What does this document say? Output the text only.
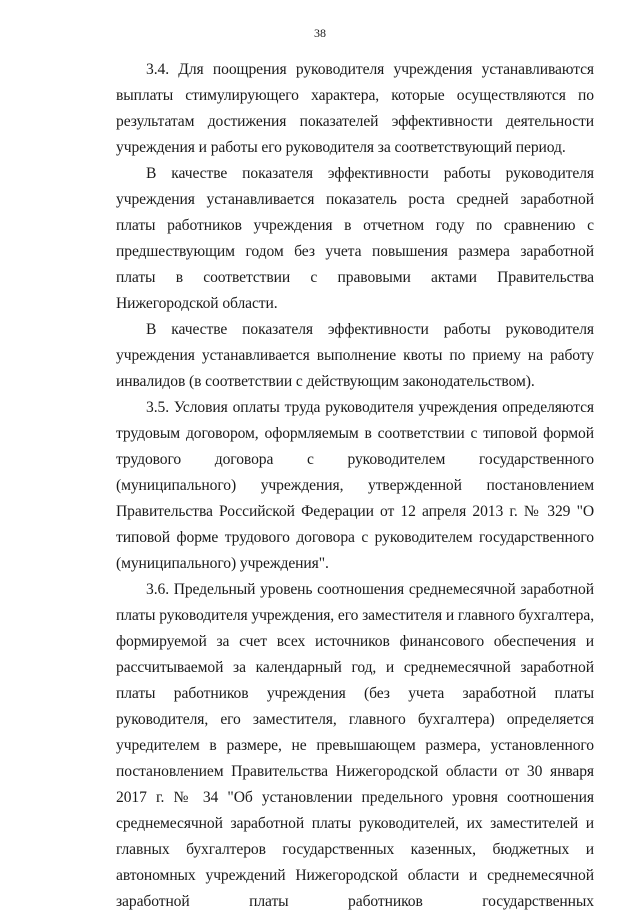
38

3.4. Для поощрения руководителя учреждения устанавливаются выплаты стимулирующего характера, которые осуществляются по результатам достижения показателей эффективности деятельности учреждения и работы его руководителя за соответствующий период.

В качестве показателя эффективности работы руководителя учреждения устанавливается показатель роста средней заработной платы работников учреждения в отчетном году по сравнению с предшествующим годом без учета повышения размера заработной платы в соответствии с правовыми актами Правительства Нижегородской области.

В качестве показателя эффективности работы руководителя учреждения устанавливается выполнение квоты по приему на работу инвалидов (в соответствии с действующим законодательством).

3.5. Условия оплаты труда руководителя учреждения определяются трудовым договором, оформляемым в соответствии с типовой формой трудового договора с руководителем государственного (муниципального) учреждения, утвержденной постановлением Правительства Российской Федерации от 12 апреля 2013 г. № 329 "О типовой форме трудового договора с руководителем государственного (муниципального) учреждения".

3.6. Предельный уровень соотношения среднемесячной заработной платы руководителя учреждения, его заместителя и главного бухгалтера, формируемой за счет всех источников финансового обеспечения и рассчитываемой за календарный год, и среднемесячной заработной платы работников учреждения (без учета заработной платы руководителя, его заместителя, главного бухгалтера) определяется учредителем в размере, не превышающем размера, установленного постановлением Правительства Нижегородской области от 30 января 2017 г. № 34 "Об установлении предельного уровня соотношения среднемесячной заработной платы руководителей, их заместителей и главных бухгалтеров государственных казенных, бюджетных и автономных учреждений Нижегородской области и среднемесячной заработной платы работников государственных
